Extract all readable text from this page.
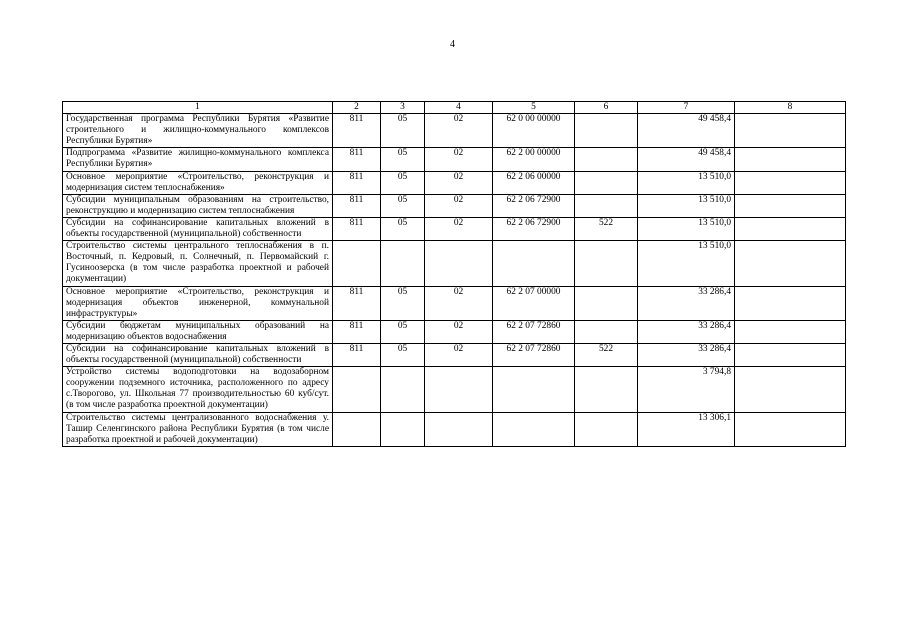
4
1	2	3	4	5	6	7	8
Государственная программа Республики Бурятия «Развитие строительного и жилищно-коммунального комплексов Республики Бурятия»	811	05	02	62 0 00 00000		49 458,4	
Подпрограмма «Развитие жилищно-коммунального комплекса Республики Бурятия»	811	05	02	62 2 00 00000		49 458,4	
Основное мероприятие «Строительство, реконструкция и модернизация систем теплоснабжения»	811	05	02	62 2 06 00000		13 510,0	
Субсидии муниципальным образованиям на строительство, реконструкцию и модернизацию систем теплоснабжения	811	05	02	62 2 06 72900		13 510,0	
Субсидии на софинансирование капитальных вложений в объекты государственной (муниципальной) собственности	811	05	02	62 2 06 72900	522	13 510,0	
Строительство системы центрального теплоснабжения в п. Восточный, п. Кедровый, п. Солнечный, п. Первомайский г. Гусиноозерска (в том числе разработка проектной и рабочей документации)						13 510,0	
Основное мероприятие «Строительство, реконструкция и модернизация объектов инженерной, коммунальной инфраструктуры»	811	05	02	62 2 07 00000		33 286,4	
Субсидии бюджетам муниципальных образований на модернизацию объектов водоснабжения	811	05	02	62 2 07 72860		33 286,4	
Субсидии на софинансирование капитальных вложений в объекты государственной (муниципальной) собственности	811	05	02	62 2 07 72860	522	33 286,4	
Устройство системы водоподготовки на водозаборном сооружении подземного источника, расположенного по адресу с.Творогово, ул. Школьная 77 производительностью 60 куб/сут. (в том числе разработка проектной документации)						3 794,8	
Строительство системы централизованного водоснабжения у. Ташир Селенгинского района Республики Бурятия (в том числе разработка проектной и рабочей документации)						13 306,1	
